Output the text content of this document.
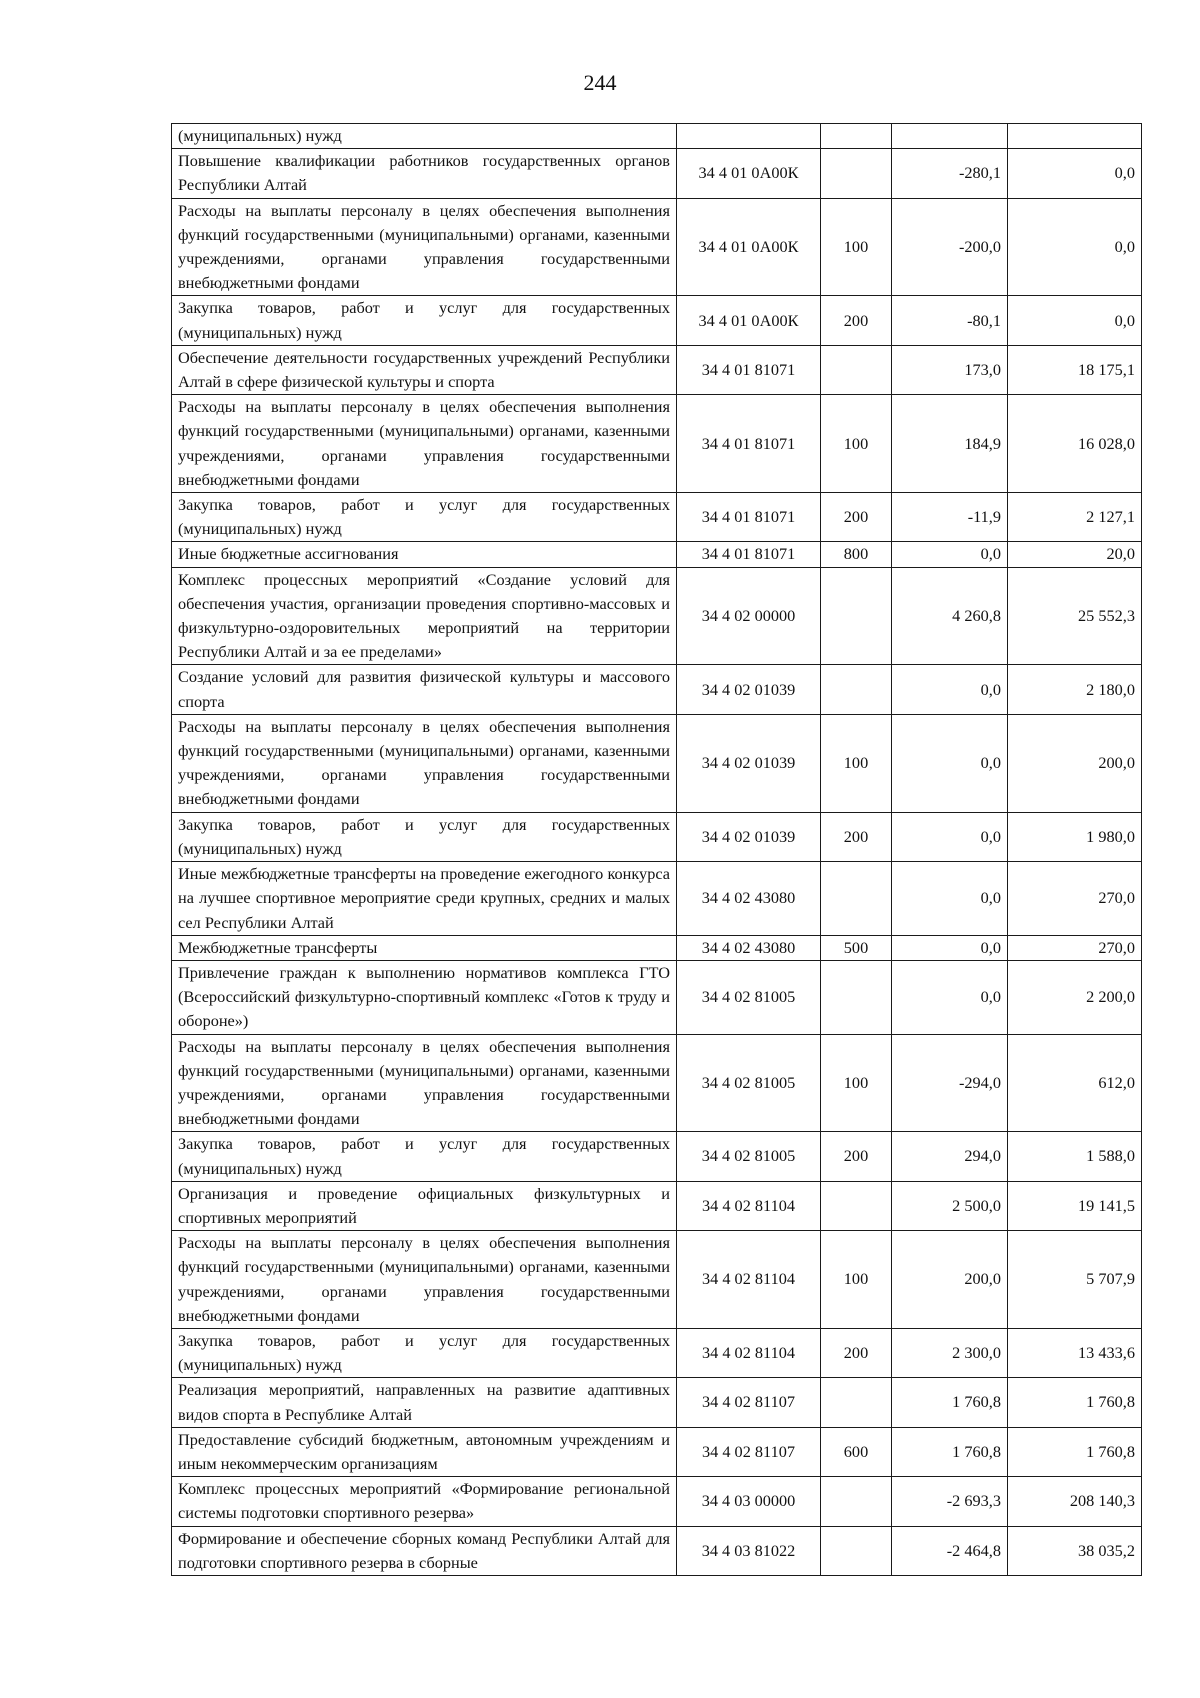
244
(муниципальных) нужд				
Повышение квалификации работников государственных органов Республики Алтай	34 4 01 0А00К		-280,1	0,0
Расходы на выплаты персоналу в целях обеспечения выполнения функций государственными (муниципальными) органами, казенными учреждениями, органами управления государственными внебюджетными фондами	34 4 01 0А00К	100	-200,0	0,0
Закупка товаров, работ и услуг для государственных (муниципальных) нужд	34 4 01 0А00К	200	-80,1	0,0
Обеспечение деятельности государственных учреждений Республики Алтай в сфере физической культуры и спорта	34 4 01 81071		173,0	18 175,1
Расходы на выплаты персоналу в целях обеспечения выполнения функций государственными (муниципальными) органами, казенными учреждениями, органами управления государственными внебюджетными фондами	34 4 01 81071	100	184,9	16 028,0
Закупка товаров, работ и услуг для государственных (муниципальных) нужд	34 4 01 81071	200	-11,9	2 127,1
Иные бюджетные ассигнования	34 4 01 81071	800	0,0	20,0
Комплекс процессных мероприятий «Создание условий для обеспечения участия, организации проведения спортивно-массовых и физкультурно-оздоровительных мероприятий на территории Республики Алтай и за ее пределами»	34 4 02 00000		4 260,8	25 552,3
Создание условий для развития физической культуры и массового спорта	34 4 02 01039		0,0	2 180,0
Расходы на выплаты персоналу в целях обеспечения выполнения функций государственными (муниципальными) органами, казенными учреждениями, органами управления государственными внебюджетными фондами	34 4 02 01039	100	0,0	200,0
Закупка товаров, работ и услуг для государственных (муниципальных) нужд	34 4 02 01039	200	0,0	1 980,0
Иные межбюджетные трансферты на проведение ежегодного конкурса на лучшее спортивное мероприятие среди крупных, средних и малых сел Республики Алтай	34 4 02 43080		0,0	270,0
Межбюджетные трансферты	34 4 02 43080	500	0,0	270,0
Привлечение граждан к выполнению нормативов комплекса ГТО (Всероссийский физкультурно-спортивный комплекс «Готов к труду и обороне»)	34 4 02 81005		0,0	2 200,0
Расходы на выплаты персоналу в целях обеспечения выполнения функций государственными (муниципальными) органами, казенными учреждениями, органами управления государственными внебюджетными фондами	34 4 02 81005	100	-294,0	612,0
Закупка товаров, работ и услуг для государственных (муниципальных) нужд	34 4 02 81005	200	294,0	1 588,0
Организация и проведение официальных физкультурных и спортивных мероприятий	34 4 02 81104		2 500,0	19 141,5
Расходы на выплаты персоналу в целях обеспечения выполнения функций государственными (муниципальными) органами, казенными учреждениями, органами управления государственными внебюджетными фондами	34 4 02 81104	100	200,0	5 707,9
Закупка товаров, работ и услуг для государственных (муниципальных) нужд	34 4 02 81104	200	2 300,0	13 433,6
Реализация мероприятий, направленных на развитие адаптивных видов спорта в Республике Алтай	34 4 02 81107		1 760,8	1 760,8
Предоставление субсидий бюджетным, автономным учреждениям и иным некоммерческим организациям	34 4 02 81107	600	1 760,8	1 760,8
Комплекс процессных мероприятий «Формирование региональной системы подготовки спортивного резерва»	34 4 03 00000		-2 693,3	208 140,3
Формирование и обеспечение сборных команд Республики Алтай для подготовки спортивного резерва в сборные	34 4 03 81022		-2 464,8	38 035,2
